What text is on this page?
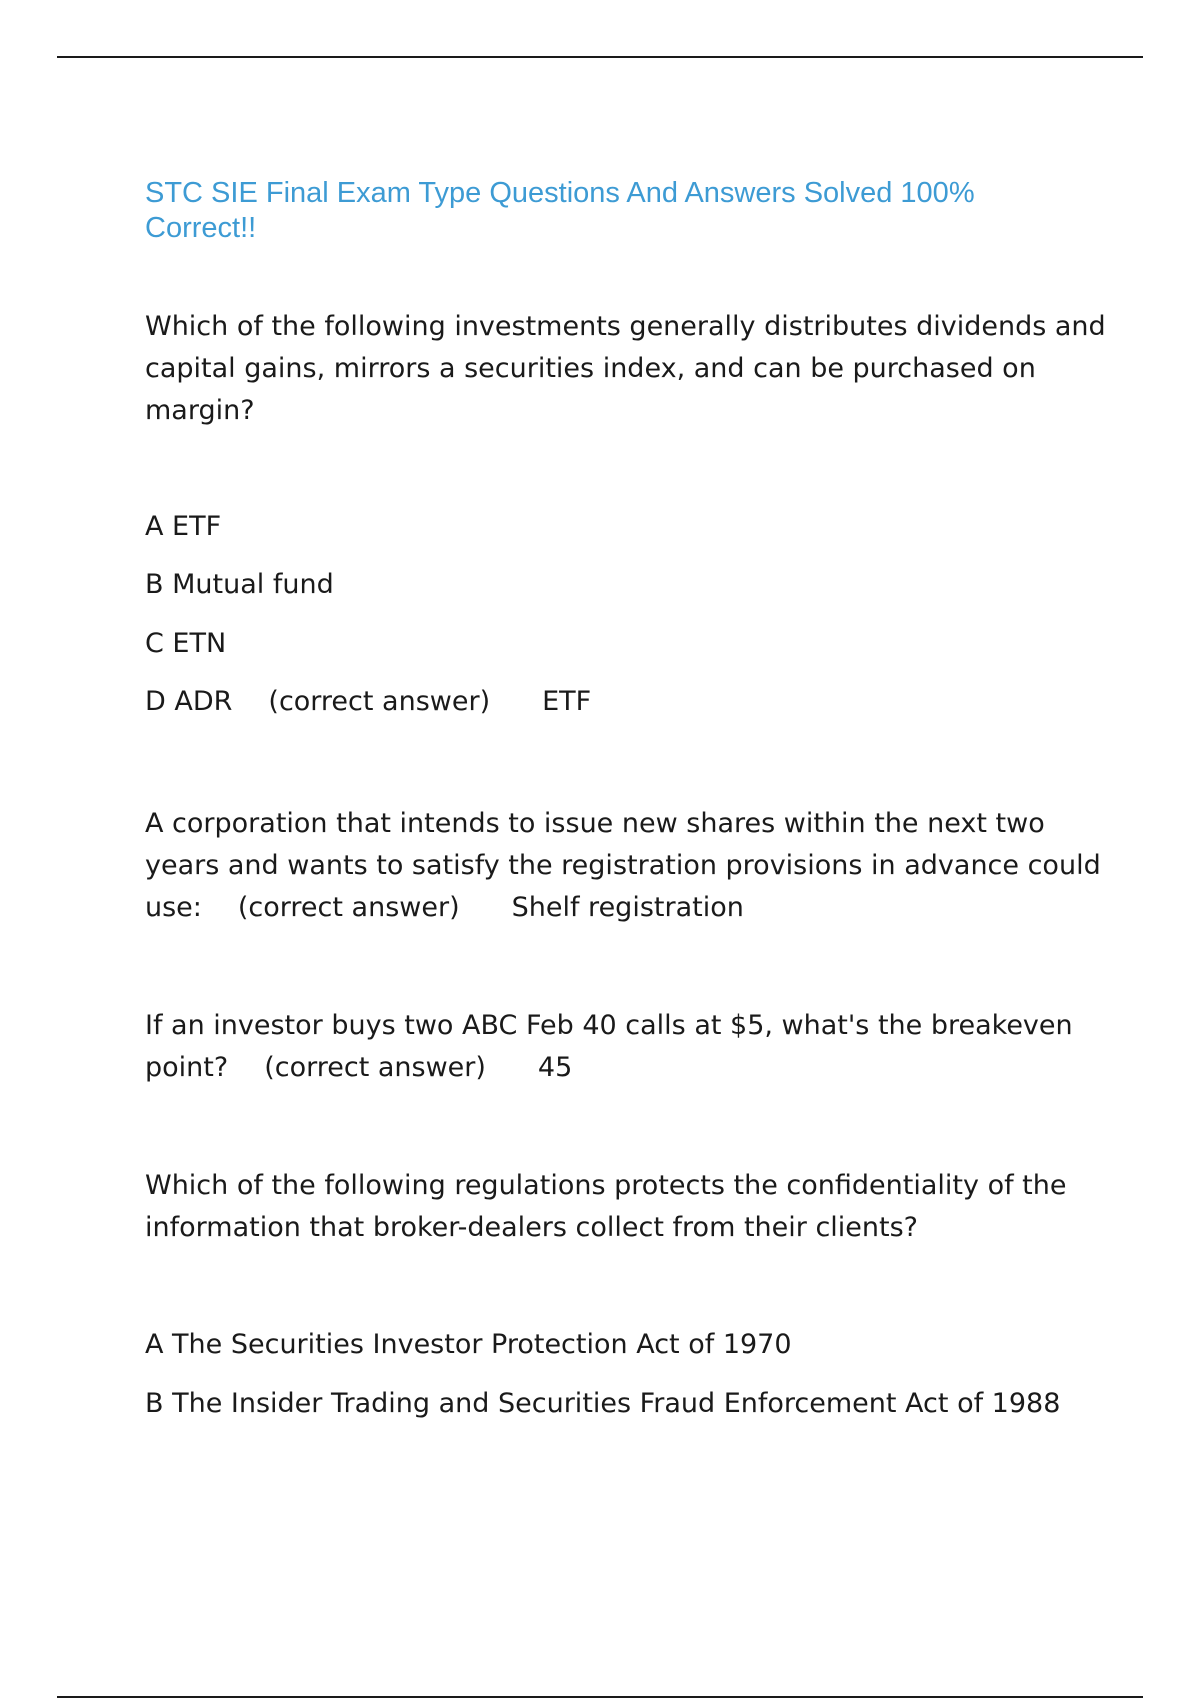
STC SIE Final Exam Type Questions And Answers Solved 100% Correct!!
Which of the following investments generally distributes dividends and
capital gains, mirrors a securities index, and can be purchased on
margin?
A ETF
B Mutual fund
C ETN
D ADR (correct answer) ETF
A corporation that intends to issue new shares within the next two
years and wants to satisfy the registration provisions in advance could
use: (correct answer) Shelf registration
If an investor buys two ABC Feb 40 calls at $5, what's the breakeven
point? (correct answer) 45
Which of the following regulations protects the confidentiality of the
information that broker-dealers collect from their clients?
A The Securities Investor Protection Act of 1970
B The Insider Trading and Securities Fraud Enforcement Act of 1988
